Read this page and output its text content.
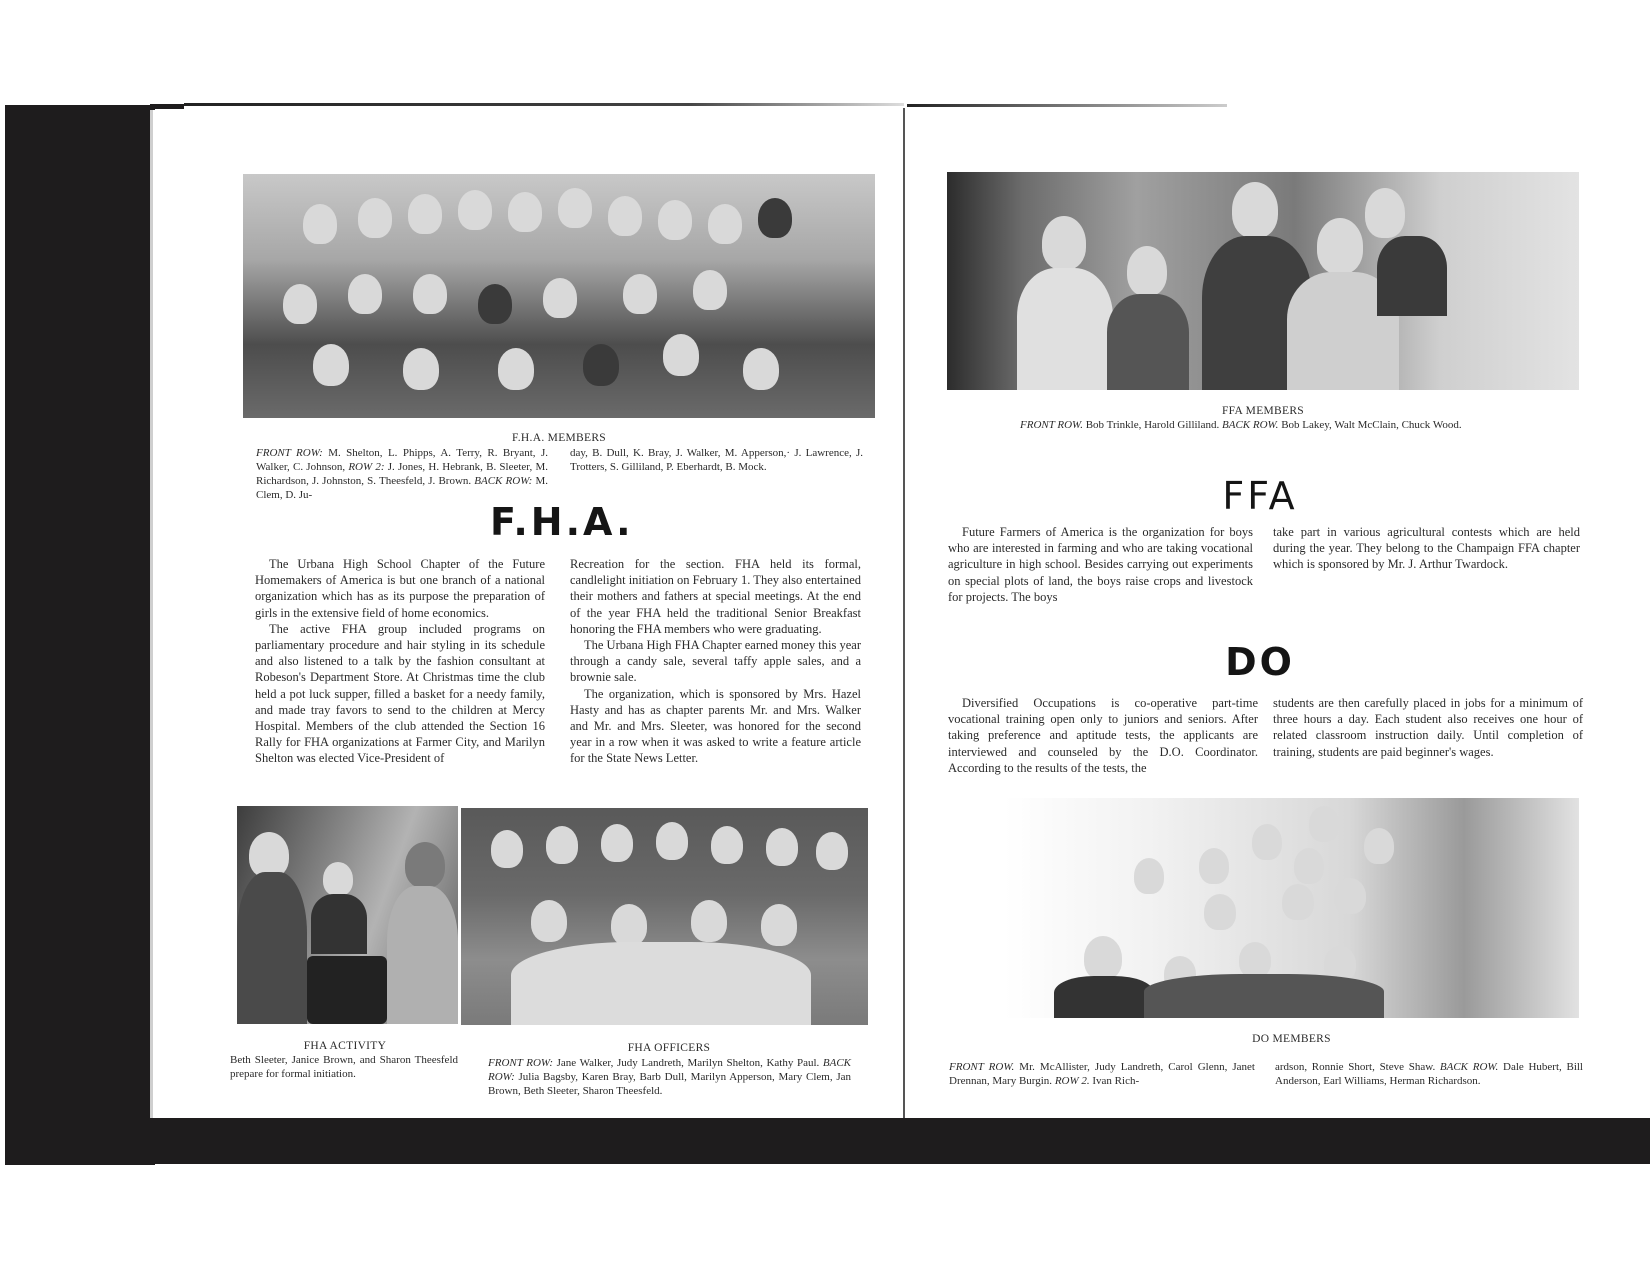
F.H.A. MEMBERS
FRONT ROW: M. Shelton, L. Phipps, A. Terry, R. Bryant, J. Walker, C. Johnson, ROW 2: J. Jones, H. Hebrank, B. Sleeter, M. Richardson, J. Johnston, S. Theesfeld, J. Brown. BACK ROW: M. Clem, D. Ju-
day, B. Dull, K. Bray, J. Walker, M. Apperson,· J. Lawrence, J. Trotters, S. Gilliland, P. Eberhardt, B. Mock.
F.H.A.

The Urbana High School Chapter of the Future Homemakers of America is but one branch of a national organization which has as its purpose the preparation of girls in the extensive field of home economics.

The active FHA group included programs on parliamentary procedure and hair styling in its schedule and also listened to a talk by the fashion consultant at Robeson's Department Store. At Christmas time the club held a pot luck supper, filled a basket for a needy family, and made tray favors to send to the children at Mercy Hospital. Members of the club attended the Section 16 Rally for FHA organizations at Farmer City, and Marilyn Shelton was elected Vice-President of

Recreation for the section. FHA held its formal, candlelight initiation on February 1. They also entertained their mothers and fathers at special meetings. At the end of the year FHA held the traditional Senior Breakfast honoring the FHA members who were graduating.

The Urbana High FHA Chapter earned money this year through a candy sale, several taffy apple sales, and a brownie sale.

The organization, which is sponsored by Mrs. Hazel Hasty and has as chapter parents Mr. and Mrs. Walker and Mr. and Mrs. Sleeter, was honored for the second year in a row when it was asked to write a feature article for the State News Letter.

FHA ACTIVITY
Beth Sleeter, Janice Brown, and Sharon Theesfeld prepare for formal initiation.
FHA OFFICERS
FRONT ROW: Jane Walker, Judy Landreth, Marilyn Shelton, Kathy Paul. BACK ROW: Julia Bagsby, Karen Bray, Barb Dull, Marilyn Apperson, Mary Clem, Jan Brown, Beth Sleeter, Sharon Theesfeld.
FFA MEMBERS
FRONT ROW. Bob Trinkle, Harold Gilliland. BACK ROW. Bob Lakey, Walt McClain, Chuck Wood.
FFA

Future Farmers of America is the organization for boys who are interested in farming and who are taking vocational agriculture in high school. Besides carrying out experiments on special plots of land, the boys raise crops and livestock for projects. The boys

take part in various agricultural contests which are held during the year. They belong to the Champaign FFA chapter which is sponsored by Mr. J. Arthur Twardock.

DO

Diversified Occupations is co-operative part-time vocational training open only to juniors and seniors. After taking preference and aptitude tests, the applicants are interviewed and counseled by the D.O. Coordinator. According to the results of the tests, the

students are then carefully placed in jobs for a minimum of three hours a day. Each student also receives one hour of related classroom instruction daily. Until completion of training, students are paid beginner's wages.

DO MEMBERS
FRONT ROW. Mr. McAllister, Judy Landreth, Carol Glenn, Janet Drennan, Mary Burgin. ROW 2. Ivan Rich-
ardson, Ronnie Short, Steve Shaw. BACK ROW. Dale Hubert, Bill Anderson, Earl Williams, Herman Richardson.
